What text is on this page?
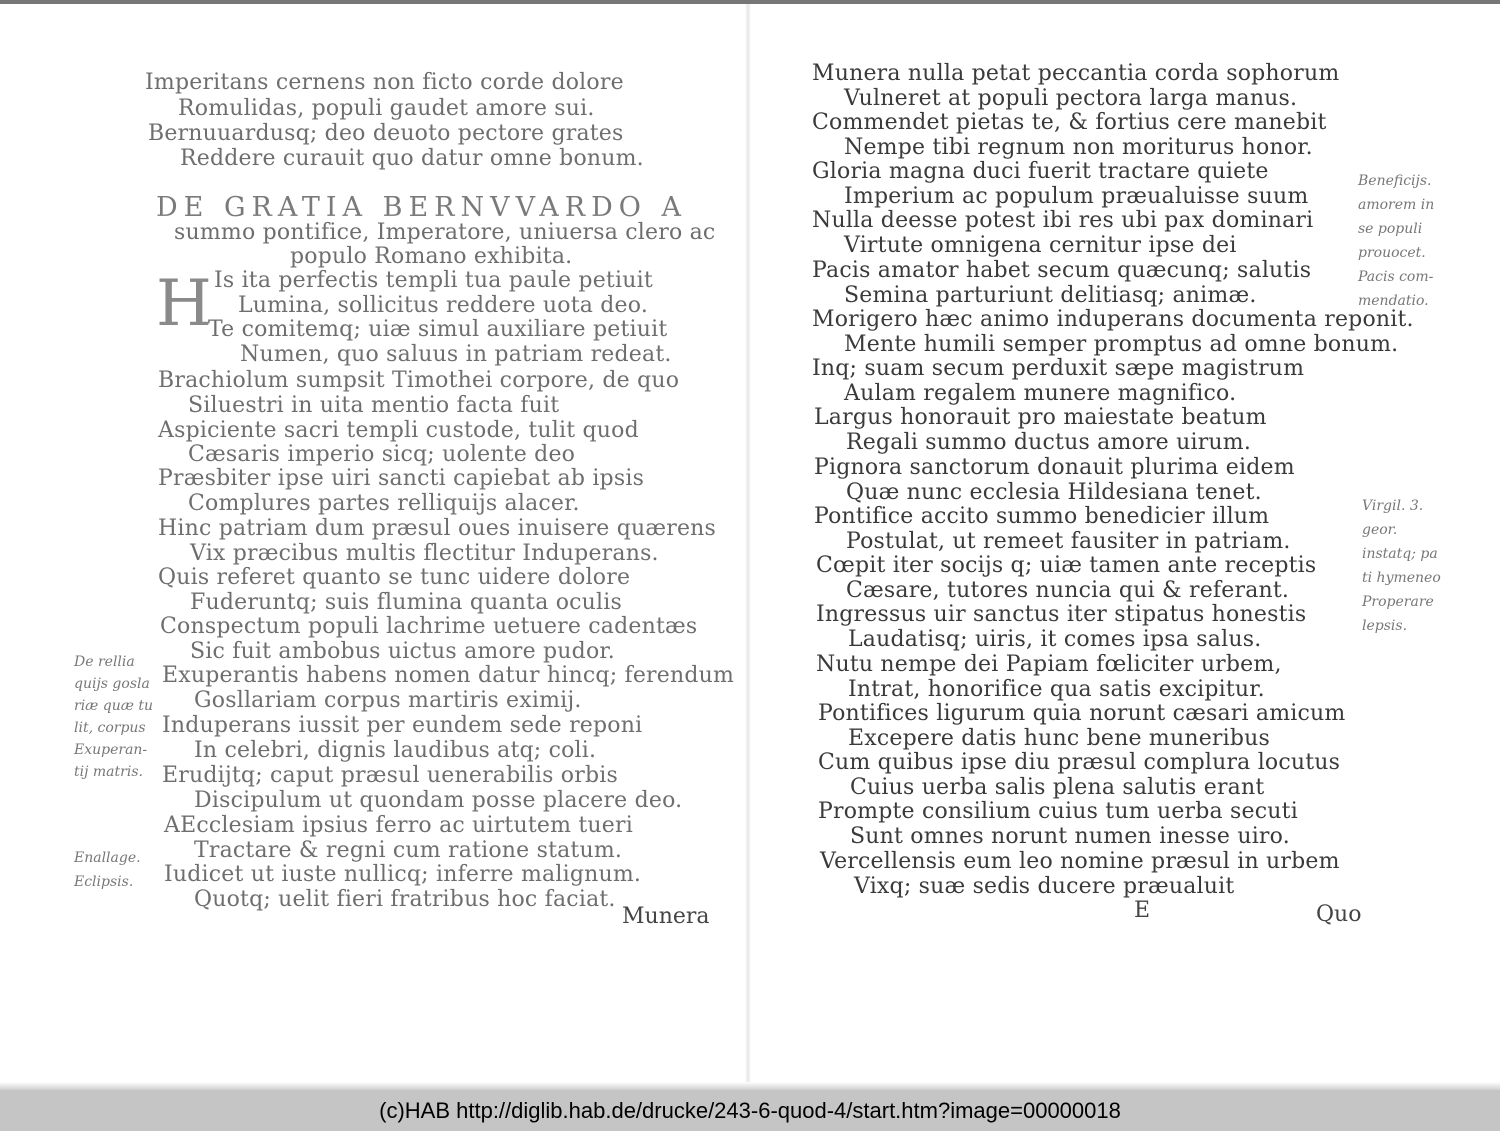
Imperitans cernens non ficto corde dolore
Romulidas, populi gaudet amore sui.
Bernuuardusq; deo deuoto pectore grates
Reddere curauit quo datur omne bonum.
DE GRATIA BERNVVARDO A
summo pontifice, Imperatore, uniuersa clero ac
populo Romano exhibita.
H Is ita perfectis templi tua paule petiuit
Lumina, sollicitus reddere uota deo.
Te comitemq; uiæ simul auxiliare petiuit
Numen, quo saluus in patriam redeat.
Brachiolum sumpsit Timothei corpore, de quo
Siluestri in uita mentio facta fuit
Aspiciente sacri templi custode, tulit quod
Cæsaris imperio sicq; uolente deo
Præsbiter ipse uiri sancti capiebat ab ipsis
Complures partes relliquijs alacer.
Hinc patriam dum præsul oues inuisere quærens
Vix præcibus multis flectitur Induperans.
Quis referet quanto se tunc uidere dolore
Fuderuntq; suis flumina quanta oculis
Conspectum populi lachrime uetuere cadentæs
Sic fuit ambobus uictus amore pudor.
Exuperantis habens nomen datur hincq; ferendum
Gosllariam corpus martiris eximij.
Induperans iussit per eundem sede reponi
In celebri, dignis laudibus atq; coli.
Erudijtq; caput præsul uenerabilis orbis
Discipulum ut quondam posse placere deo.
AEcclesiam ipsius ferro ac uirtutem tueri
Tractare & regni cum ratione statum.
Iudicet ut iuste nullicq; inferre malignum.
Quotq; uelit fieri fratribus hoc faciat.
De rellia
quijs gosla
riæ quæ tu
lit, corpus
Exuperan-
tij matris.
Enallage.
Eclipsis.
Munera
Munera nulla petat peccantia corda sophorum
Vulneret at populi pectora larga manus.
Commendet pietas te, & fortius cere manebit
Nempe tibi regnum non moriturus honor.
Gloria magna duci fuerit tractare quiete
Imperium ac populum præualuisse suum
Nulla deesse potest ibi res ubi pax dominari
Virtute omnigena cernitur ipse dei
Pacis amator habet secum quæcunq; salutis
Semina parturiunt delitiasq; animæ.
Morigero hæc animo induperans documenta reponit.
Mente humili semper promptus ad omne bonum.
Inq; suam secum perduxit sæpe magistrum
Aulam regalem munere magnifico.
Largus honorauit pro maiestate beatum
Regali summo ductus amore uirum.
Pignora sanctorum donauit plurima eidem
Quæ nunc ecclesia Hildesiana tenet.
Pontifice accito summo benedicier illum
Postulat, ut remeet fausiter in patriam.
Cœpit iter socijs q; uiæ tamen ante receptis
Cæsare, tutores nuncia qui & referant.
Ingressus uir sanctus iter stipatus honestis
Laudatisq; uiris, it comes ipsa salus.
Nutu nempe dei Papiam fœliciter urbem,
Intrat, honorifice qua satis excipitur.
Pontifices ligurum quia norunt cæsari amicum
Excepere datis hunc bene muneribus
Cum quibus ipse diu præsul complura locutus
Cuius uerba salis plena salutis erant
Prompte consilium cuius tum uerba secuti
Sunt omnes norunt numen inesse uiro.
Vercellensis eum leo nomine præsul in urbem
Vixq; suæ sedis ducere præualuit
Beneficijs.
amorem in
se populi
prouocet.
Pacis com-
mendatio.
Virgil. 3.
geor.
instatq; pa
ti hymeneo
Properare
lepsis.
E	Quo
(c)HAB http://diglib.hab.de/drucke/243-6-quod-4/start.htm?image=00000018
